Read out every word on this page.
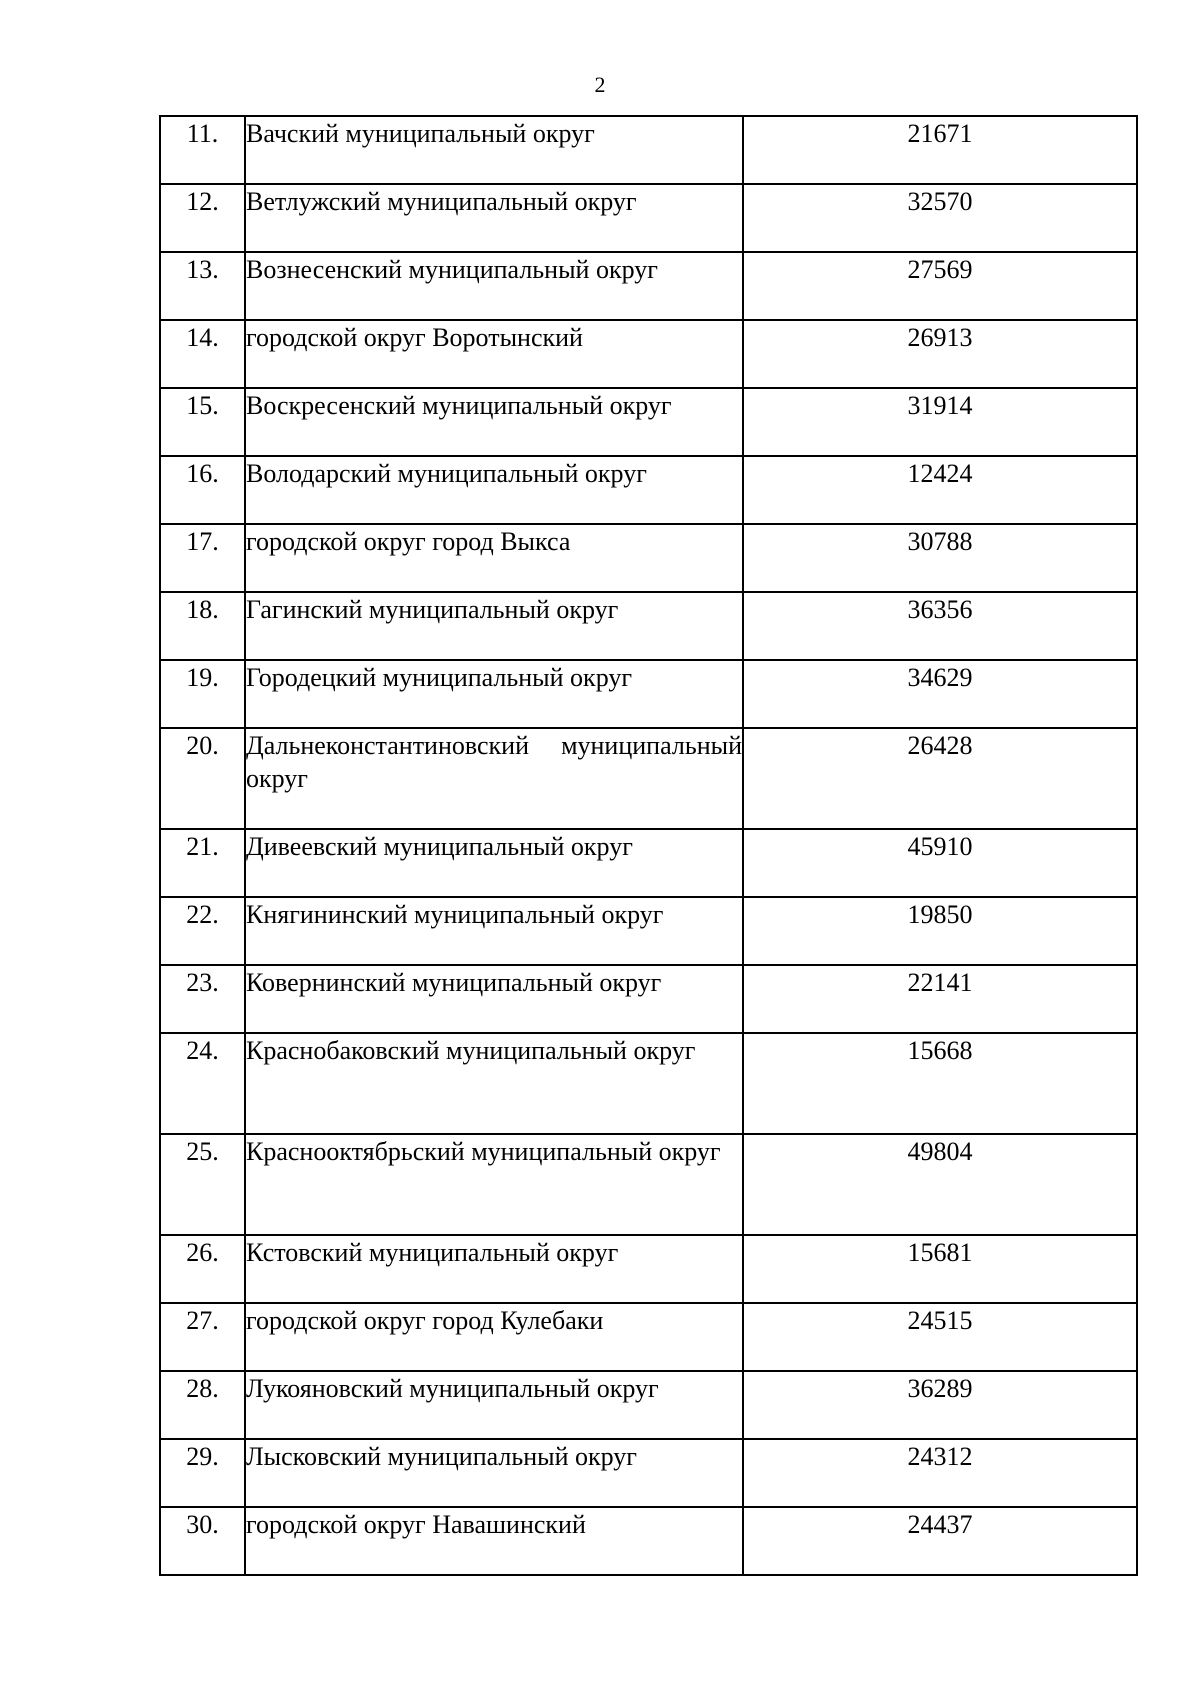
2
11.	Вачский муниципальный округ	21671

12.	Ветлужский муниципальный округ	32570

13.	Вознесенский муниципальный округ	27569

14.	городской округ Воротынский	26913

15.	Воскресенский муниципальный округ	31914

16.	Володарский муниципальный округ	12424

17.	городской округ город Выкса	30788

18.	Гагинский муниципальный округ	36356

19.	Городецкий муниципальный округ	34629

20.	Дальнеконстантиновский муниципальный округ	26428

21.	Дивеевский муниципальный округ	45910

22.	Княгининский муниципальный округ	19850

23.	Ковернинский муниципальный округ	22141

24.	Краснобаковский муниципальный округ	15668

25.	Краснооктябрьский муниципальный округ	49804

26.	Кстовский муниципальный округ	15681

27.	городской округ город Кулебаки	24515

28.	Лукояновский муниципальный округ	36289

29.	Лысковский муниципальный округ	24312

30.	городской округ Навашинский	24437
